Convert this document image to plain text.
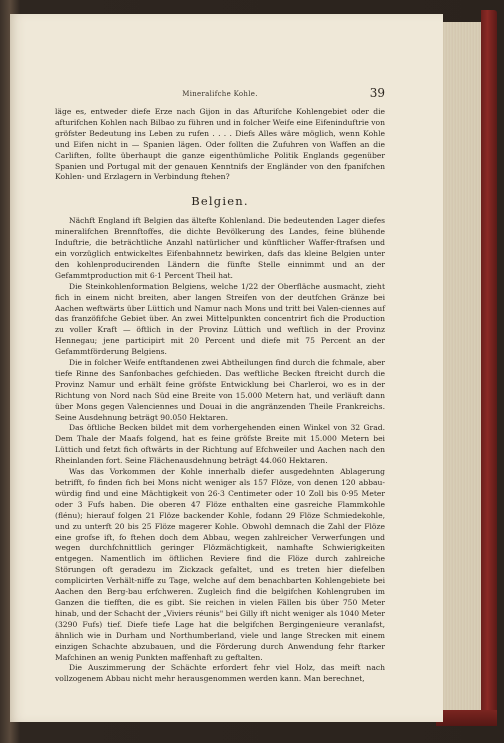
Mineralifche Kohle.	39

läge es, entweder diefe Erze nach Gijon in das Afturifche Kohlengebiet oder die afturifchen Kohlen nach Bilbao zu führen und in folcher Weife eine Eifeninduftrie von gröfster Bedeutung ins Leben zu rufen . . . . Diefs Alles wäre möglich, wenn Kohle und Eifen nicht in — Spanien lägen. Oder follten die Zufuhren von Waffen an die Carliften, follte überhaupt die ganze eigenthümliche Politik Englands gegenüber Spanien und Portugal mit der genauen Kenntnifs der Engländer von den fpanifchen Kohlen- und Erzlagern in Verbindung ftehen?

Belgien.

Nächft England ift Belgien das ältefte Kohlenland. Die bedeutenden Lager diefes mineralifchen Brennftoffes, die dichte Bevölkerung des Landes, feine blühende Induftrie, die beträchtliche Anzahl natürlicher und künftlicher Waffer-ftrafsen und ein vorzüglich entwickeltes Eifenbahnnetz bewirken, dafs das kleine Belgien unter den kohlenproducirenden Ländern die fünfte Stelle einnimmt und an der Gefammtproduction mit 6·1 Percent Theil hat.

Die Steinkohlenformation Belgiens, welche 1/22 der Oberfläche ausmacht, zieht fich in einem nicht breiten, aber langen Streifen von der deutfchen Gränze bei Aachen weftwärts über Lüttich und Namur nach Mons und tritt bei Valen-ciennes auf das franzöfifche Gebiet über. An zwei Mittelpunkten concentrirt fich die Production zu voller Kraft — öftlich in der Provinz Lüttich und weftlich in der Provinz Hennegau; jene participirt mit 20 Percent und diefe mit 75 Percent an der Gefammtförderung Belgiens.

Die in folcher Weife entftandenen zwei Abtheilungen find durch die fchmale, aber tiefe Rinne des Sanfonbaches gefchieden. Das weftliche Becken ftreicht durch die Provinz Namur und erhält feine gröfste Entwicklung bei Charleroi, wo es in der Richtung von Nord nach Süd eine Breite von 15.000 Metern hat, und verläuft dann über Mons gegen Valenciennes und Douai in die angränzenden Theile Frankreichs. Seine Ausdehnung beträgt 90.050 Hektaren.

Das öftliche Becken bildet mit dem vorhergehenden einen Winkel von 32 Grad. Dem Thale der Maafs folgend, hat es feine gröfste Breite mit 15.000 Metern bei Lüttich und fetzt fich oftwärts in der Richtung auf Efchweiler und Aachen nach den Rheinlanden fort. Seine Flächenausdehnung beträgt 44.060 Hektaren.

Was das Vorkommen der Kohle innerhalb diefer ausgedehnten Ablagerung betrifft, fo finden fich bei Mons nicht weniger als 157 Flöze, von denen 120 abbau-würdig find und eine Mächtigkeit von 26·3 Centimeter oder 10 Zoll bis 0·95 Meter oder 3 Fufs haben. Die oberen 47 Flöze enthalten eine gasreiche Flammkohle (flénu); hierauf folgen 21 Flöze backender Kohle, fodann 29 Flöze Schmiedekohle, und zu unterft 20 bis 25 Flöze magerer Kohle. Obwohl demnach die Zahl der Flöze eine grofse ift, fo ftehen doch dem Abbau, wegen zahlreicher Verwerfungen und wegen durchfchnittlich geringer Flözmächtigkeit, namhafte Schwierigkeiten entgegen. Namentlich im öftlichen Reviere find die Flöze durch zahlreiche Störungen oft geradezu im Zickzack gefaltet, und es treten hier diefelben complicirten Verhält-niffe zu Tage, welche auf dem benachbarten Kohlengebiete bei Aachen den Berg-bau erfchweren. Zugleich find die belgifchen Kohlengruben im Ganzen die tiefften, die es gibt. Sie reichen in vielen Fällen bis über 750 Meter hinab, und der Schacht der „Viviers réunis" bei Gilly ift nicht weniger als 1040 Meter (3290 Fufs) tief. Diefe tiefe Lage hat die belgifchen Bergingenieure veranlafst, ähnlich wie in Durham und Northumberland, viele und lange Strecken mit einem einzigen Schachte abzubauen, und die Förderung durch Anwendung fehr ftarker Mafchinen an wenig Punkten maffenhaft zu geftalten.

Die Auszimmerung der Schächte erfordert fehr viel Holz, das meift nach vollzogenem Abbau nicht mehr herausgenommen werden kann. Man berechnet,
